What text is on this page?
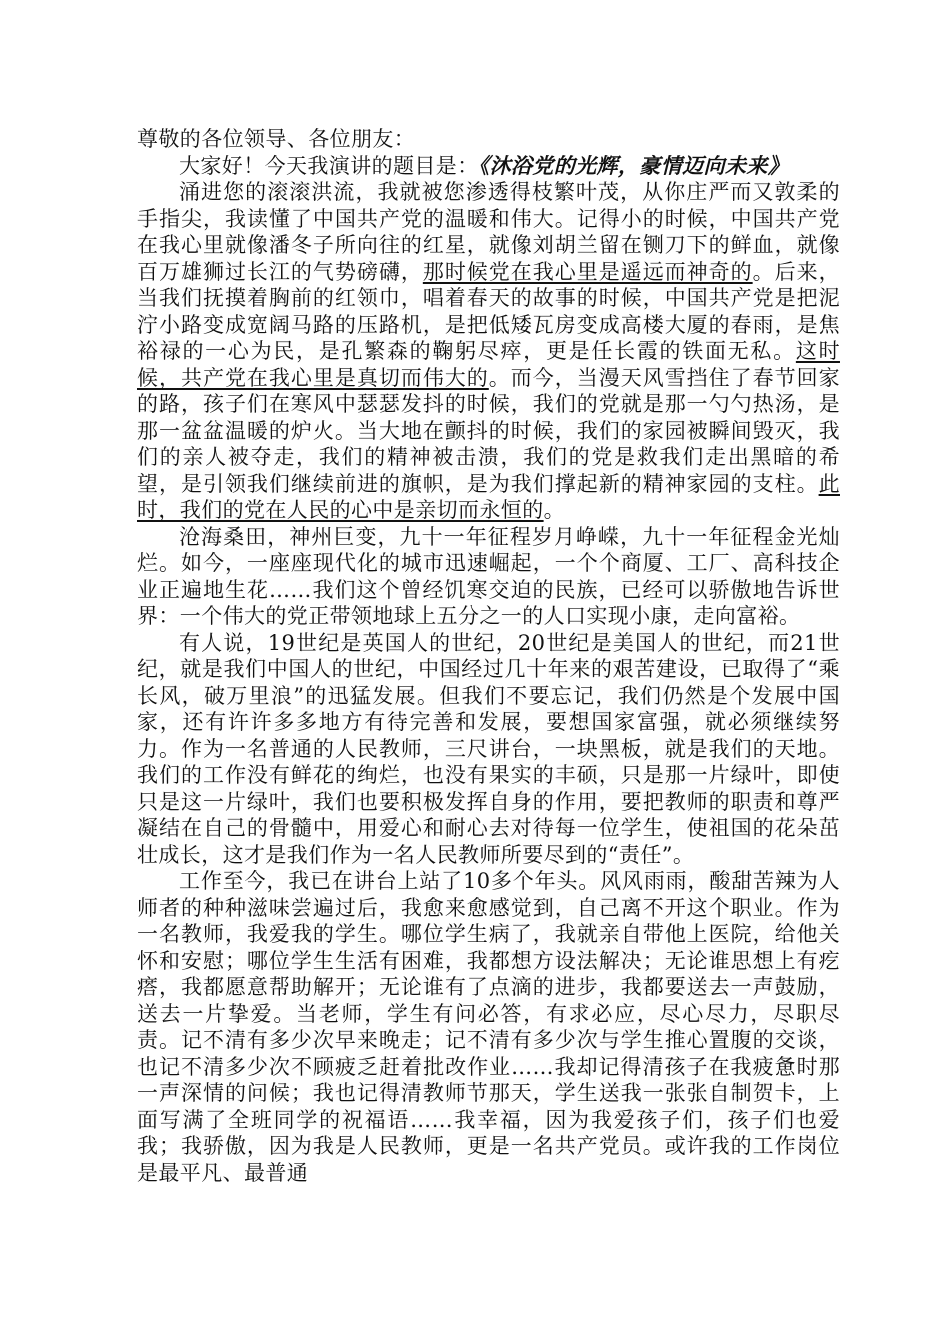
尊敬的各位领导、各位朋友：

大家好！今天我演讲的题目是：《沐浴党的光辉，豪情迈向未来》

涌进您的滚滚洪流，我就被您渗透得枝繁叶茂，从你庄严而又敦柔的手指尖，我读懂了中国共产党的温暖和伟大。记得小的时候，中国共产党在我心里就像潘冬子所向往的红星，就像刘胡兰留在铡刀下的鲜血，就像百万雄狮过长江的气势磅礴，那时候党在我心里是遥远而神奇的。后来，当我们抚摸着胸前的红领巾，唱着春天的故事的时候，中国共产党是把泥泞小路变成宽阔马路的压路机，是把低矮瓦房变成高楼大厦的春雨，是焦裕禄的一心为民，是孔繁森的鞠躬尽瘁，更是任长霞的铁面无私。这时候，共产党在我心里是真切而伟大的。而今，当漫天风雪挡住了春节回家的路，孩子们在寒风中瑟瑟发抖的时候，我们的党就是那一勺勺热汤，是那一盆盆温暖的炉火。当大地在颤抖的时候，我们的家园被瞬间毁灭，我们的亲人被夺走，我们的精神被击溃，我们的党是救我们走出黑暗的希望，是引领我们继续前进的旗帜，是为我们撑起新的精神家园的支柱。此时，我们的党在人民的心中是亲切而永恒的。

沧海桑田，神州巨变，九十一年征程岁月峥嵘，九十一年征程金光灿烂。如今，一座座现代化的城市迅速崛起，一个个商厦、工厂、高科技企业正遍地生花……我们这个曾经饥寒交迫的民族，已经可以骄傲地告诉世界：一个伟大的党正带领地球上五分之一的人口实现小康，走向富裕。

有人说，19世纪是英国人的世纪，20世纪是美国人的世纪，而21世纪，就是我们中国人的世纪，中国经过几十年来的艰苦建设，已取得了“乘长风，破万里浪”的迅猛发展。但我们不要忘记，我们仍然是个发展中国家，还有许许多多地方有待完善和发展，要想国家富强，就必须继续努力。作为一名普通的人民教师，三尺讲台，一块黑板，就是我们的天地。我们的工作没有鲜花的绚烂，也没有果实的丰硕，只是那一片绿叶，即使只是这一片绿叶，我们也要积极发挥自身的作用，要把教师的职责和尊严凝结在自己的骨髓中，用爱心和耐心去对待每一位学生，使祖国的花朵茁壮成长，这才是我们作为一名人民教师所要尽到的“责任”。

工作至今，我已在讲台上站了10多个年头。风风雨雨，酸甜苦辣为人师者的种种滋味尝遍过后，我愈来愈感觉到，自己离不开这个职业。作为一名教师，我爱我的学生。哪位学生病了，我就亲自带他上医院，给他关怀和安慰；哪位学生生活有困难，我都想方设法解决；无论谁思想上有疙瘩，我都愿意帮助解开；无论谁有了点滴的进步，我都要送去一声鼓励，送去一片挚爱。当老师，学生有问必答，有求必应，尽心尽力，尽职尽责。记不清有多少次早来晚走；记不清有多少次与学生推心置腹的交谈，也记不清多少次不顾疲乏赶着批改作业……我却记得清孩子在我疲惫时那一声深情的问候；我也记得清教师节那天，学生送我一张张自制贺卡，上面写满了全班同学的祝福语……我幸福，因为我爱孩子们，孩子们也爱我；我骄傲，因为我是人民教师，更是一名共产党员。或许我的工作岗位是最平凡、最普通
